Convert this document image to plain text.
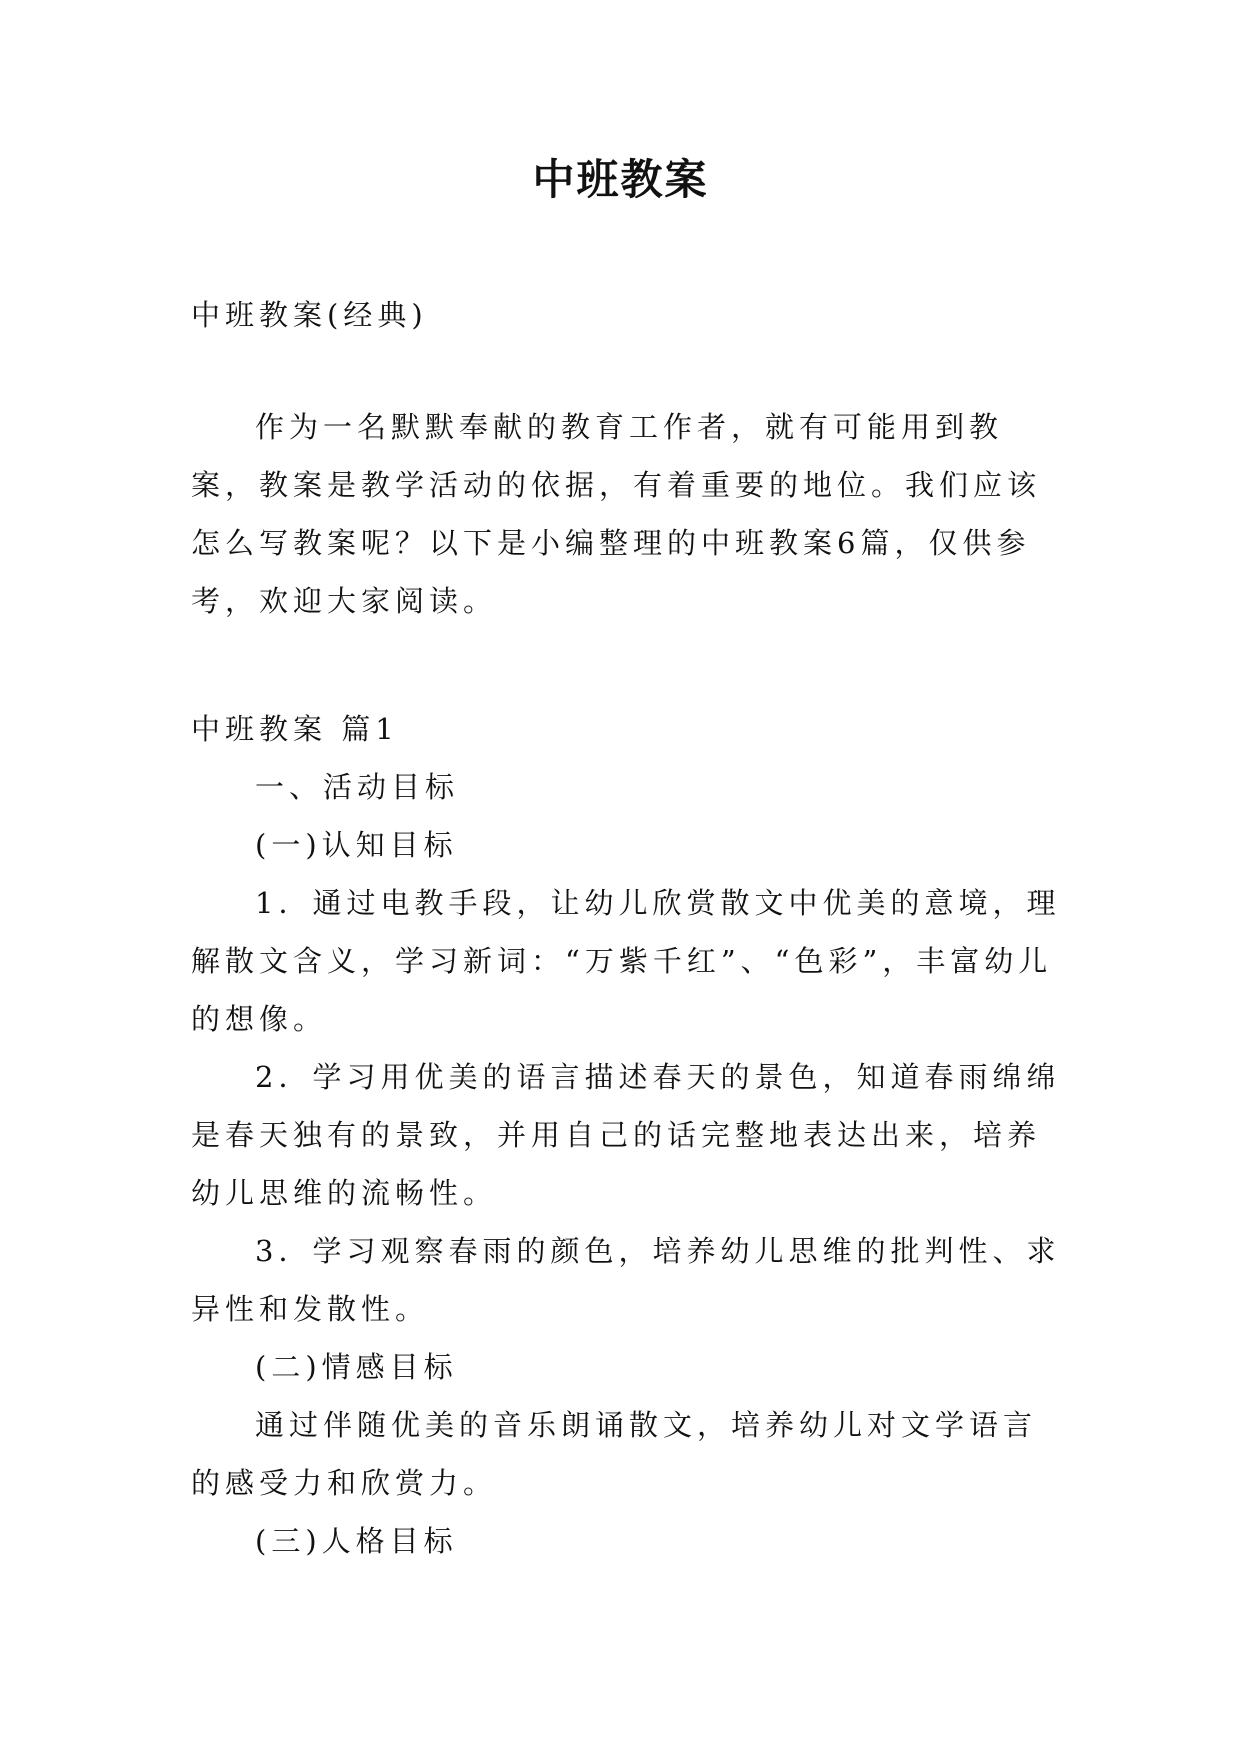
中班教案

中班教案(经典)

作为一名默默奉献的教育工作者，就有可能用到教案，教案是教学活动的依据，有着重要的地位。我们应该怎么写教案呢？以下是小编整理的中班教案6篇，仅供参考，欢迎大家阅读。

中班教案 篇1

一、活动目标

(一)认知目标

1．通过电教手段，让幼儿欣赏散文中优美的意境，理解散文含义，学习新词：“万紫千红”、“色彩”，丰富幼儿的想像。

2．学习用优美的语言描述春天的景色，知道春雨绵绵是春天独有的景致，并用自己的话完整地表达出来，培养幼儿思维的流畅性。

3．学习观察春雨的颜色，培养幼儿思维的批判性、求异性和发散性。

(二)情感目标

通过伴随优美的音乐朗诵散文，培养幼儿对文学语言的感受力和欣赏力。

(三)人格目标
